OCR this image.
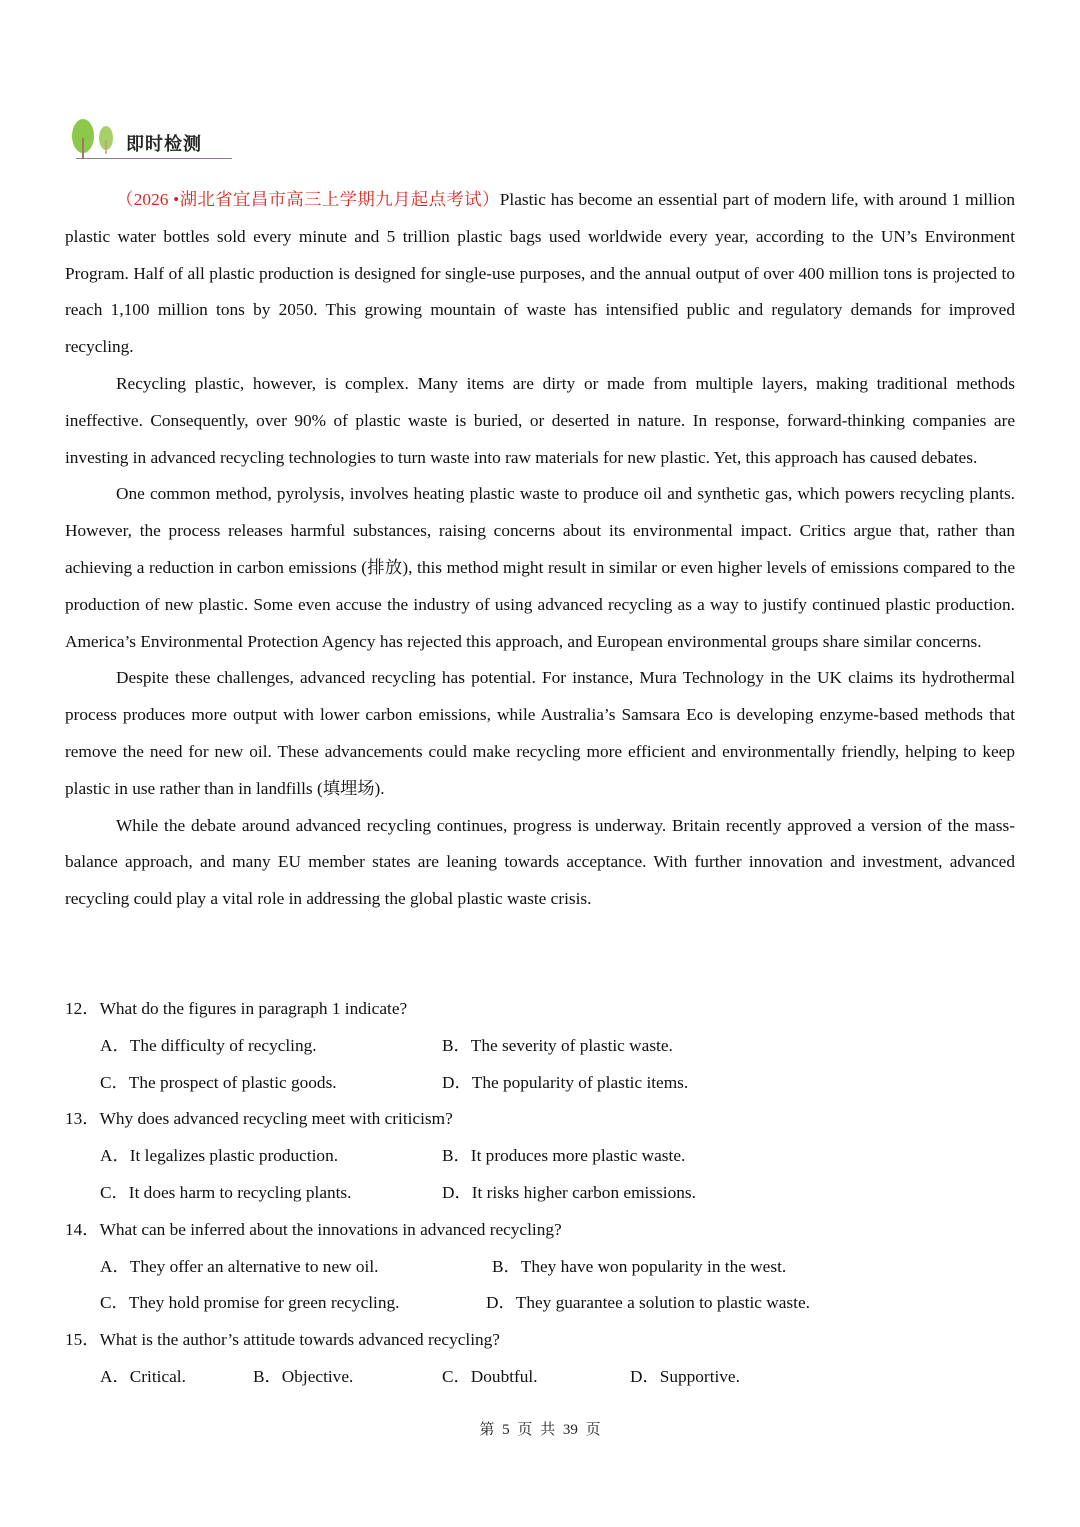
即时检测

（2026 •湖北省宜昌市高三上学期九月起点考试）Plastic has become an essential part of modern life, with around 1 million plastic water bottles sold every minute and 5 trillion plastic bags used worldwide every year, according to the UN’s Environment Program. Half of all plastic production is designed for single-use purposes, and the annual output of over 400 million tons is projected to reach 1,100 million tons by 2050. This growing mountain of waste has intensified public and regulatory demands for improved recycling.

Recycling plastic, however, is complex. Many items are dirty or made from multiple layers, making traditional methods ineffective. Consequently, over 90% of plastic waste is buried, or deserted in nature. In response, forward-thinking companies are investing in advanced recycling technologies to turn waste into raw materials for new plastic. Yet, this approach has caused debates.

One common method, pyrolysis, involves heating plastic waste to produce oil and synthetic gas, which powers recycling plants. However, the process releases harmful substances, raising concerns about its environmental impact. Critics argue that, rather than achieving a reduction in carbon emissions (排放), this method might result in similar or even higher levels of emissions compared to the production of new plastic. Some even accuse the industry of using advanced recycling as a way to justify continued plastic production. America’s Environmental Protection Agency has rejected this approach, and European environmental groups share similar concerns.

Despite these challenges, advanced recycling has potential. For instance, Mura Technology in the UK claims its hydrothermal process produces more output with lower carbon emissions, while Australia’s Samsara Eco is developing enzyme-based methods that remove the need for new oil. These advancements could make recycling more efficient and environmentally friendly, helping to keep plastic in use rather than in landfills (填埋场).

While the debate around advanced recycling continues, progress is underway. Britain recently approved a version of the mass-balance approach, and many EU member states are leaning towards acceptance. With further innovation and investment, advanced recycling could play a vital role in addressing the global plastic waste crisis.

12．What do the figures in paragraph 1 indicate?

A．The difficulty of recycling.	B．The severity of plastic waste.
C．The prospect of plastic goods.	D．The popularity of plastic items.

13．Why does advanced recycling meet with criticism?

A．It legalizes plastic production.	B．It produces more plastic waste.
C．It does harm to recycling plants.	D．It risks higher carbon emissions.

14．What can be inferred about the innovations in advanced recycling?

A．They offer an alternative to new oil.	B．They have won popularity in the west.
C．They hold promise for green recycling.	D．They guarantee a solution to plastic waste.

15．What is the author’s attitude towards advanced recycling?

A．Critical.	B．Objective.	C．Doubtful.	D．Supportive.
第 5 页 共 39 页
